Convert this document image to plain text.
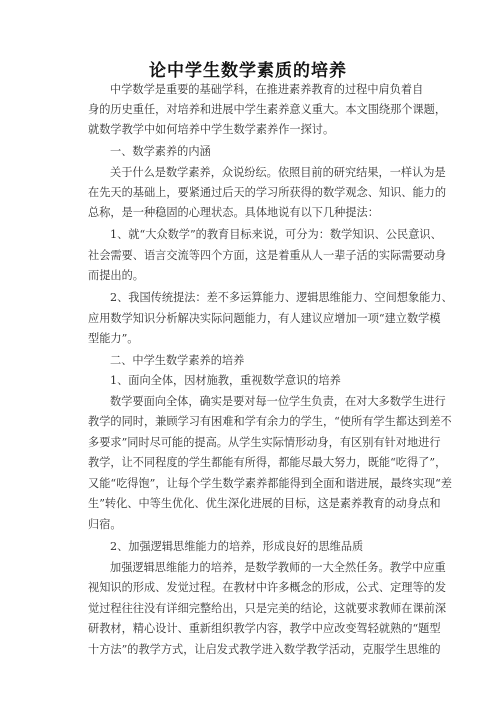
论中学生数学素质的培养
中学数学是重要的基础学科，在推进素养教育的过程中肩负着自
身的历史重任，对培养和进展中学生素养意义重大。本文围绕那个课题，
就数学教学中如何培养中学生数学素养作一探讨。
一、数学素养的内涵
关于什么是数学素养，众说纷纭。依照目前的研究结果，一样认为是
在先天的基础上，要紧通过后天的学习所获得的数学观念、知识、能力的
总称，是一种稳固的心理状态。具体地说有以下几种提法：
1、就“大众数学”的教育目标来说，可分为：数学知识、公民意识、
社会需要、语言交流等四个方面，这是着重从人一辈子活的实际需要动身
而提出的。
2、我国传统提法：差不多运算能力、逻辑思维能力、空间想象能力、
应用数学知识分析解决实际问题能力，有人建议应增加一项“建立数学模
型能力”。
二、中学生数学素养的培养
1、面向全体，因材施教，重视数学意识的培养
数学要面向全体，确实是要对每一位学生负责，在对大多数学生进行
教学的同时，兼顾学习有困难和学有余力的学生，“使所有学生都达到差不
多要求”同时尽可能的提高。从学生实际情形动身，有区别有针对地进行
教学，让不同程度的学生都能有所得，都能尽最大努力，既能“吃得了”，
又能“吃得饱”，让每个学生数学素养都能得到全面和谐进展，最终实现“差
生”转化、中等生优化、优生深化进展的目标，这是素养教育的动身点和
归宿。
2、加强逻辑思维能力的培养，形成良好的思维品质
加强逻辑思维能力的培养，是数学教师的一大全然任务。教学中应重
视知识的形成、发觉过程。在教材中许多概念的形成，公式、定理等的发
觉过程往往没有详细完整给出，只是完美的结论，这就要求教师在课前深
研教材，精心设计、重新组织教学内容，教学中应改变驾轻就熟的“题型
十方法”的教学方式，让启发式教学进入数学教学活动，克服学生思维的
